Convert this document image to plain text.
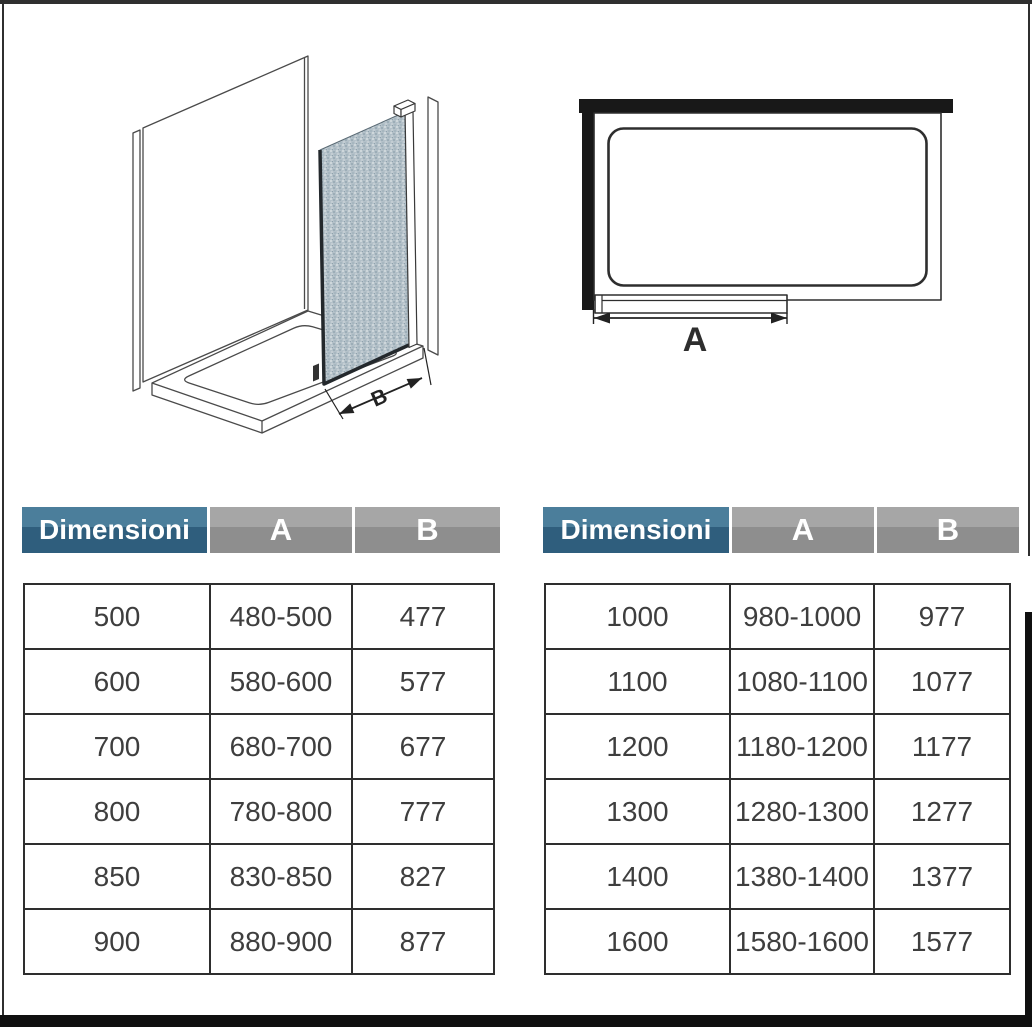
B
A
Dimensioni	A	B
500	480-500	477
600	580-600	577
700	680-700	677
800	780-800	777
850	830-850	827
900	880-900	877
Dimensioni	A	B
1000	980-1000	977
1100	1080-1100	1077
1200	1180-1200	1177
1300	1280-1300	1277
1400	1380-1400	1377
1600	1580-1600	1577
